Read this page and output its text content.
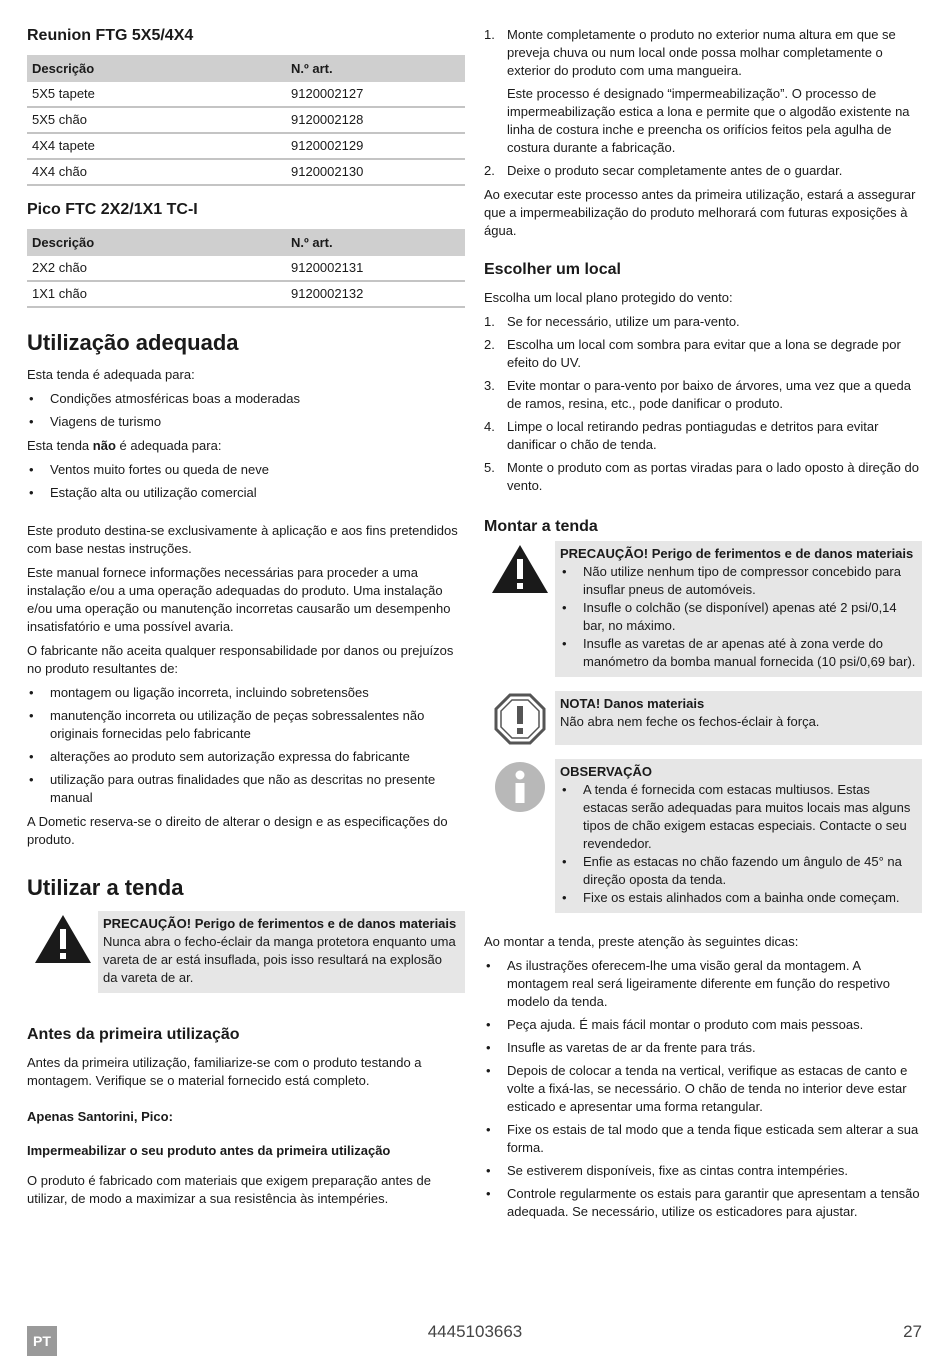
Reunion FTG 5X5/4X4
Descrição	N.º art.
5X5 tapete	9120002127
5X5 chão	9120002128
4X4 tapete	9120002129
4X4 chão	9120002130
Pico FTC 2X2/1X1 TC-I
Descrição	N.º art.
2X2 chão	9120002131
1X1 chão	9120002132
Utilização adequada

Esta tenda é adequada para:

• Condições atmosféricas boas a moderadas
• Viagens de turismo

Esta tenda não é adequada para:

• Ventos muito fortes ou queda de neve
• Estação alta ou utilização comercial

Este produto destina-se exclusivamente à aplicação e aos fins pretendidos com base nestas instruções.

Este manual fornece informações necessárias para proceder a uma instalação e/ou a uma operação adequadas do produto. Uma instalação e/ou uma operação ou manutenção incorretas causarão um desempenho insatisfatório e uma possível avaria.

O fabricante não aceita qualquer responsabilidade por danos ou prejuízos no produto resultantes de:

• montagem ou ligação incorreta, incluindo sobretensões
• manutenção incorreta ou utilização de peças sobressalentes não originais fornecidas pelo fabricante
• alterações ao produto sem autorização expressa do fabricante
• utilização para outras finalidades que não as descritas no presente manual

A Dometic reserva-se o direito de alterar o design e as especificações do produto.

Utilizar a tenda
PRECAUÇÃO! Perigo de ferimentos e de danos materiais
Nunca abra o fecho-éclair da manga protetora enquanto uma vareta de ar está insuflada, pois isso resultará na explosão da vareta de ar.
Antes da primeira utilização

Antes da primeira utilização, familiarize-se com o produto testando a montagem. Verifique se o material fornecido está completo.

Apenas Santorini, Pico:
Impermeabilizar o seu produto antes da primeira utilização

O produto é fabricado com materiais que exigem preparação antes de utilizar, de modo a maximizar a sua resistência às intempéries.

1. Monte completamente o produto no exterior numa altura em que se preveja chuva ou num local onde possa molhar completamente o exterior do produto com uma mangueira.
Este processo é designado “impermeabilização”. O processo de impermeabilização estica a lona e permite que o algodão existente na linha de costura inche e preencha os orifícios feitos pela agulha de costura durante a fabricação.
2. Deixe o produto secar completamente antes de o guardar.

Ao executar este processo antes da primeira utilização, estará a assegurar que a impermeabilização do produto melhorará com futuras exposições à água.

Escolher um local

Escolha um local plano protegido do vento:

1. Se for necessário, utilize um para-vento.
2. Escolha um local com sombra para evitar que a lona se degrade por efeito do UV.
3. Evite montar o para-vento por baixo de árvores, uma vez que a queda de ramos, resina, etc., pode danificar o produto.
4. Limpe o local retirando pedras pontiagudas e detritos para evitar danificar o chão de tenda.
5. Monte o produto com as portas viradas para o lado oposto à direção do vento.
Montar a tenda
PRECAUÇÃO! Perigo de ferimentos e de danos materiais
• Não utilize nenhum tipo de compressor concebido para insuflar pneus de automóveis.
• Insufle o colchão (se disponível) apenas até 2 psi/0,14 bar, no máximo.
• Insufle as varetas de ar apenas até à zona verde do manómetro da bomba manual fornecida (10 psi/0,69 bar).
NOTA! Danos materiais
Não abra nem feche os fechos-éclair à força.
OBSERVAÇÃO
• A tenda é fornecida com estacas multiusos. Estas estacas serão adequadas para muitos locais mas alguns tipos de chão exigem estacas especiais. Contacte o seu revendedor.
• Enfie as estacas no chão fazendo um ângulo de 45° na direção oposta da tenda.
• Fixe os estais alinhados com a bainha onde começam.

Ao montar a tenda, preste atenção às seguintes dicas:

• As ilustrações oferecem-lhe uma visão geral da montagem. A montagem real será ligeiramente diferente em função do respetivo modelo da tenda.
• Peça ajuda. É mais fácil montar o produto com mais pessoas.
• Insufle as varetas de ar da frente para trás.
• Depois de colocar a tenda na vertical, verifique as estacas de canto e volte a fixá-las, se necessário. O chão de tenda no interior deve estar esticado e apresentar uma forma retangular.
• Fixe os estais de tal modo que a tenda fique esticada sem alterar a sua forma.
• Se estiverem disponíveis, fixe as cintas contra intempéries.
• Controle regularmente os estais para garantir que apresentam a tensão adequada. Se necessário, utilize os esticadores para ajustar.
4445103663
PT	27
